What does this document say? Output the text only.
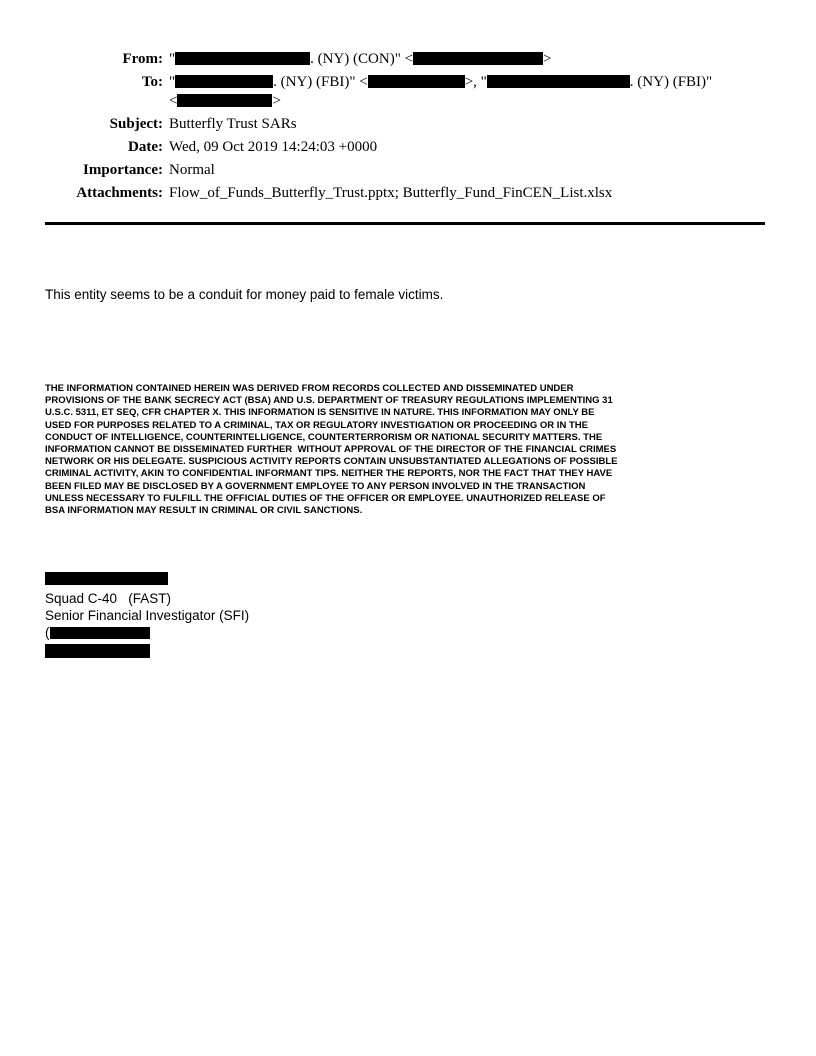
From:	" . (NY) (CON)" < >
To:	" . (NY) (FBI)" < >, " . (NY) (FBI)"
< >
Subject:	Butterfly Trust SARs
Date:	Wed, 09 Oct 2019 14:24:03 +0000
Importance:	Normal
Attachments:	Flow_of_Funds_Butterfly_Trust.pptx; Butterfly_Fund_FinCEN_List.xlsx

This entity seems to be a conduit for money paid to female victims.

THE INFORMATION CONTAINED HEREIN WAS DERIVED FROM RECORDS COLLECTED AND DISSEMINATED UNDER PROVISIONS OF THE BANK SECRECY ACT (BSA) AND U.S. DEPARTMENT OF TREASURY REGULATIONS IMPLEMENTING 31 U.S.C. 5311, ET SEQ, CFR CHAPTER X. THIS INFORMATION IS SENSITIVE IN NATURE. THIS INFORMATION MAY ONLY BE USED FOR PURPOSES RELATED TO A CRIMINAL, TAX OR REGULATORY INVESTIGATION OR PROCEEDING OR IN THE CONDUCT OF INTELLIGENCE, COUNTERINTELLIGENCE, COUNTERTERRORISM OR NATIONAL SECURITY MATTERS. THE INFORMATION CANNOT BE DISSEMINATED FURTHER  WITHOUT APPROVAL OF THE DIRECTOR OF THE FINANCIAL CRIMES NETWORK OR HIS DELEGATE. SUSPICIOUS ACTIVITY REPORTS CONTAIN UNSUBSTANTIATED ALLEGATIONS OF POSSIBLE CRIMINAL ACTIVITY, AKIN TO CONFIDENTIAL INFORMANT TIPS. NEITHER THE REPORTS, NOR THE FACT THAT THEY HAVE BEEN FILED MAY BE DISCLOSED BY A GOVERNMENT EMPLOYEE TO ANY PERSON INVOLVED IN THE TRANSACTION  UNLESS NECESSARY TO FULFILL THE OFFICIAL DUTIES OF THE OFFICER OR EMPLOYEE. UNAUTHORIZED RELEASE OF BSA INFORMATION MAY RESULT IN CRIMINAL OR CIVIL SANCTIONS.

Squad C-40   (FAST)
Senior Financial Investigator (SFI)
(
